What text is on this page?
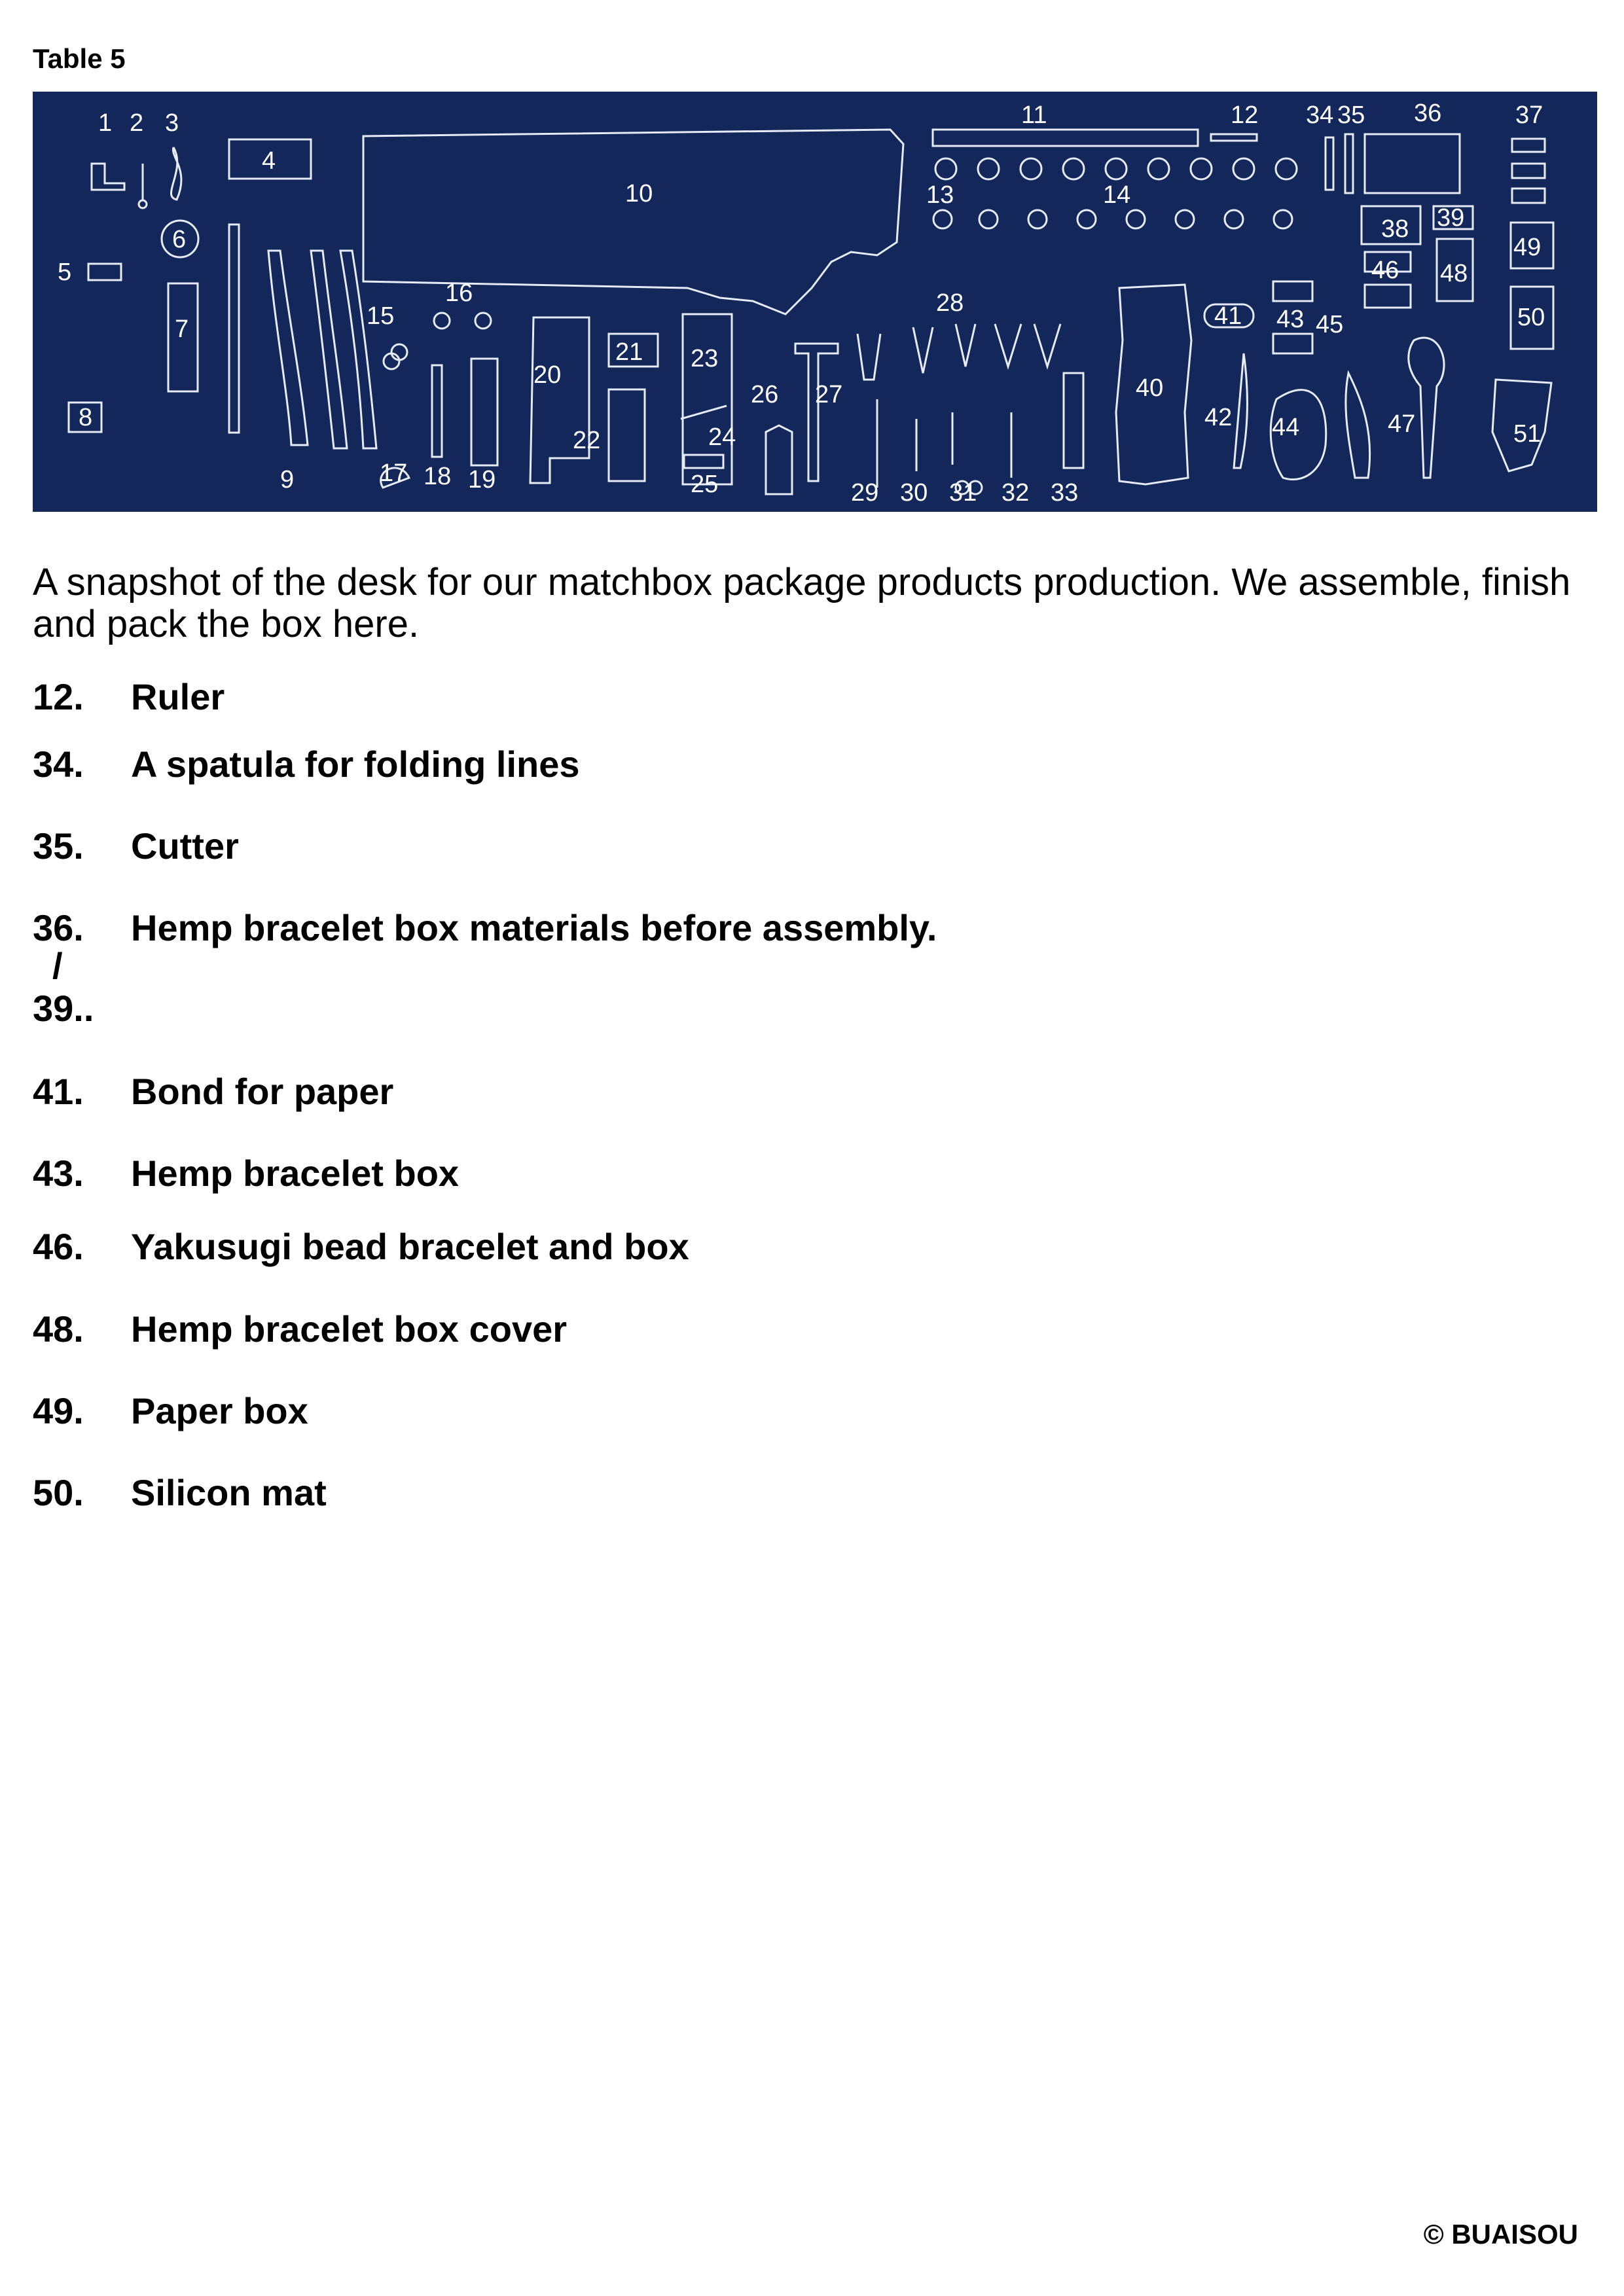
Table 5
1 2 3
4
5
6
7
8
9
10
11	12
13	14
15
16
17 18 19
20
21
22
23
24
25
26 27
28
29 30 31 32 33
34 35 36	37
38 39
40
41
42
43
44
45
46
47
48
49
50
51
A snapshot of the desk for our matchbox package products production. We assemble, finish and pack the box here.
12.	Ruler
34.	A spatula for folding lines
35.	Cutter
36.	Hemp bracelet box materials before assembly.
/
39..
41.	Bond for paper
43.	Hemp bracelet box
46.	Yakusugi bead bracelet and box
48.	Hemp bracelet box cover
49.	Paper box
50.	Silicon mat
© BUAISOU
